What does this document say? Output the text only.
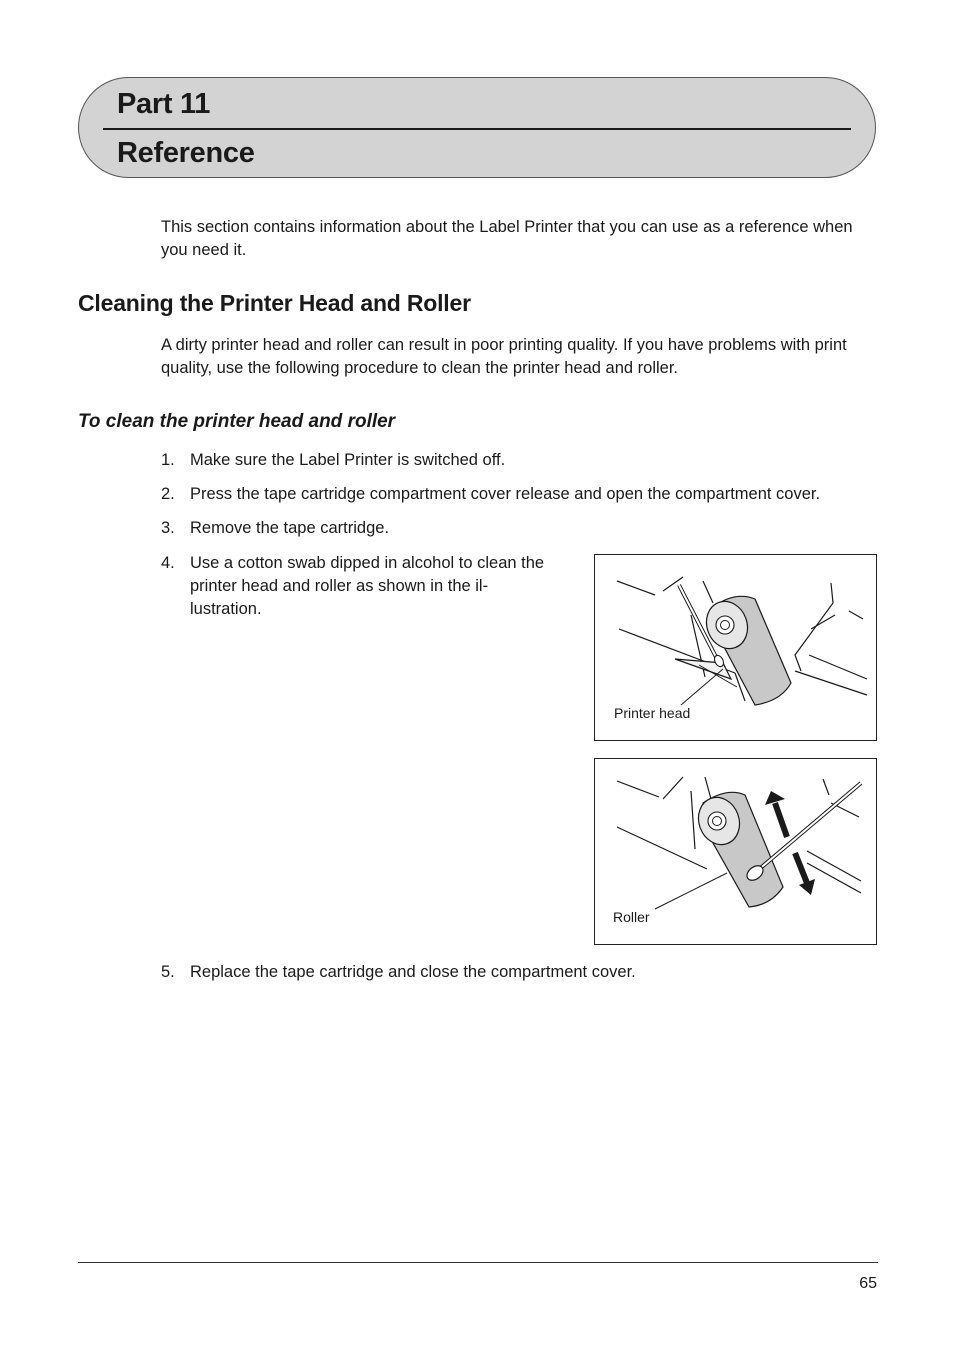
Part 11
Reference

This section contains information about the Label Printer that you can use as a reference when you need it.

Cleaning the Printer Head and Roller

A dirty printer head and roller can result in poor printing quality. If you have problems with print quality, use the following procedure to clean the printer head and roller.

To clean the printer head and roller
1. Make sure the Label Printer is switched off.
2. Press the tape cartridge compartment cover release and open the compartment cover.
3. Remove the tape cartridge.
4. Use a cotton swab dipped in alcohol to clean the printer head and roller as shown in the il-lustration.
Printer head
Roller
5. Replace the tape cartridge and close the compartment cover.
65
